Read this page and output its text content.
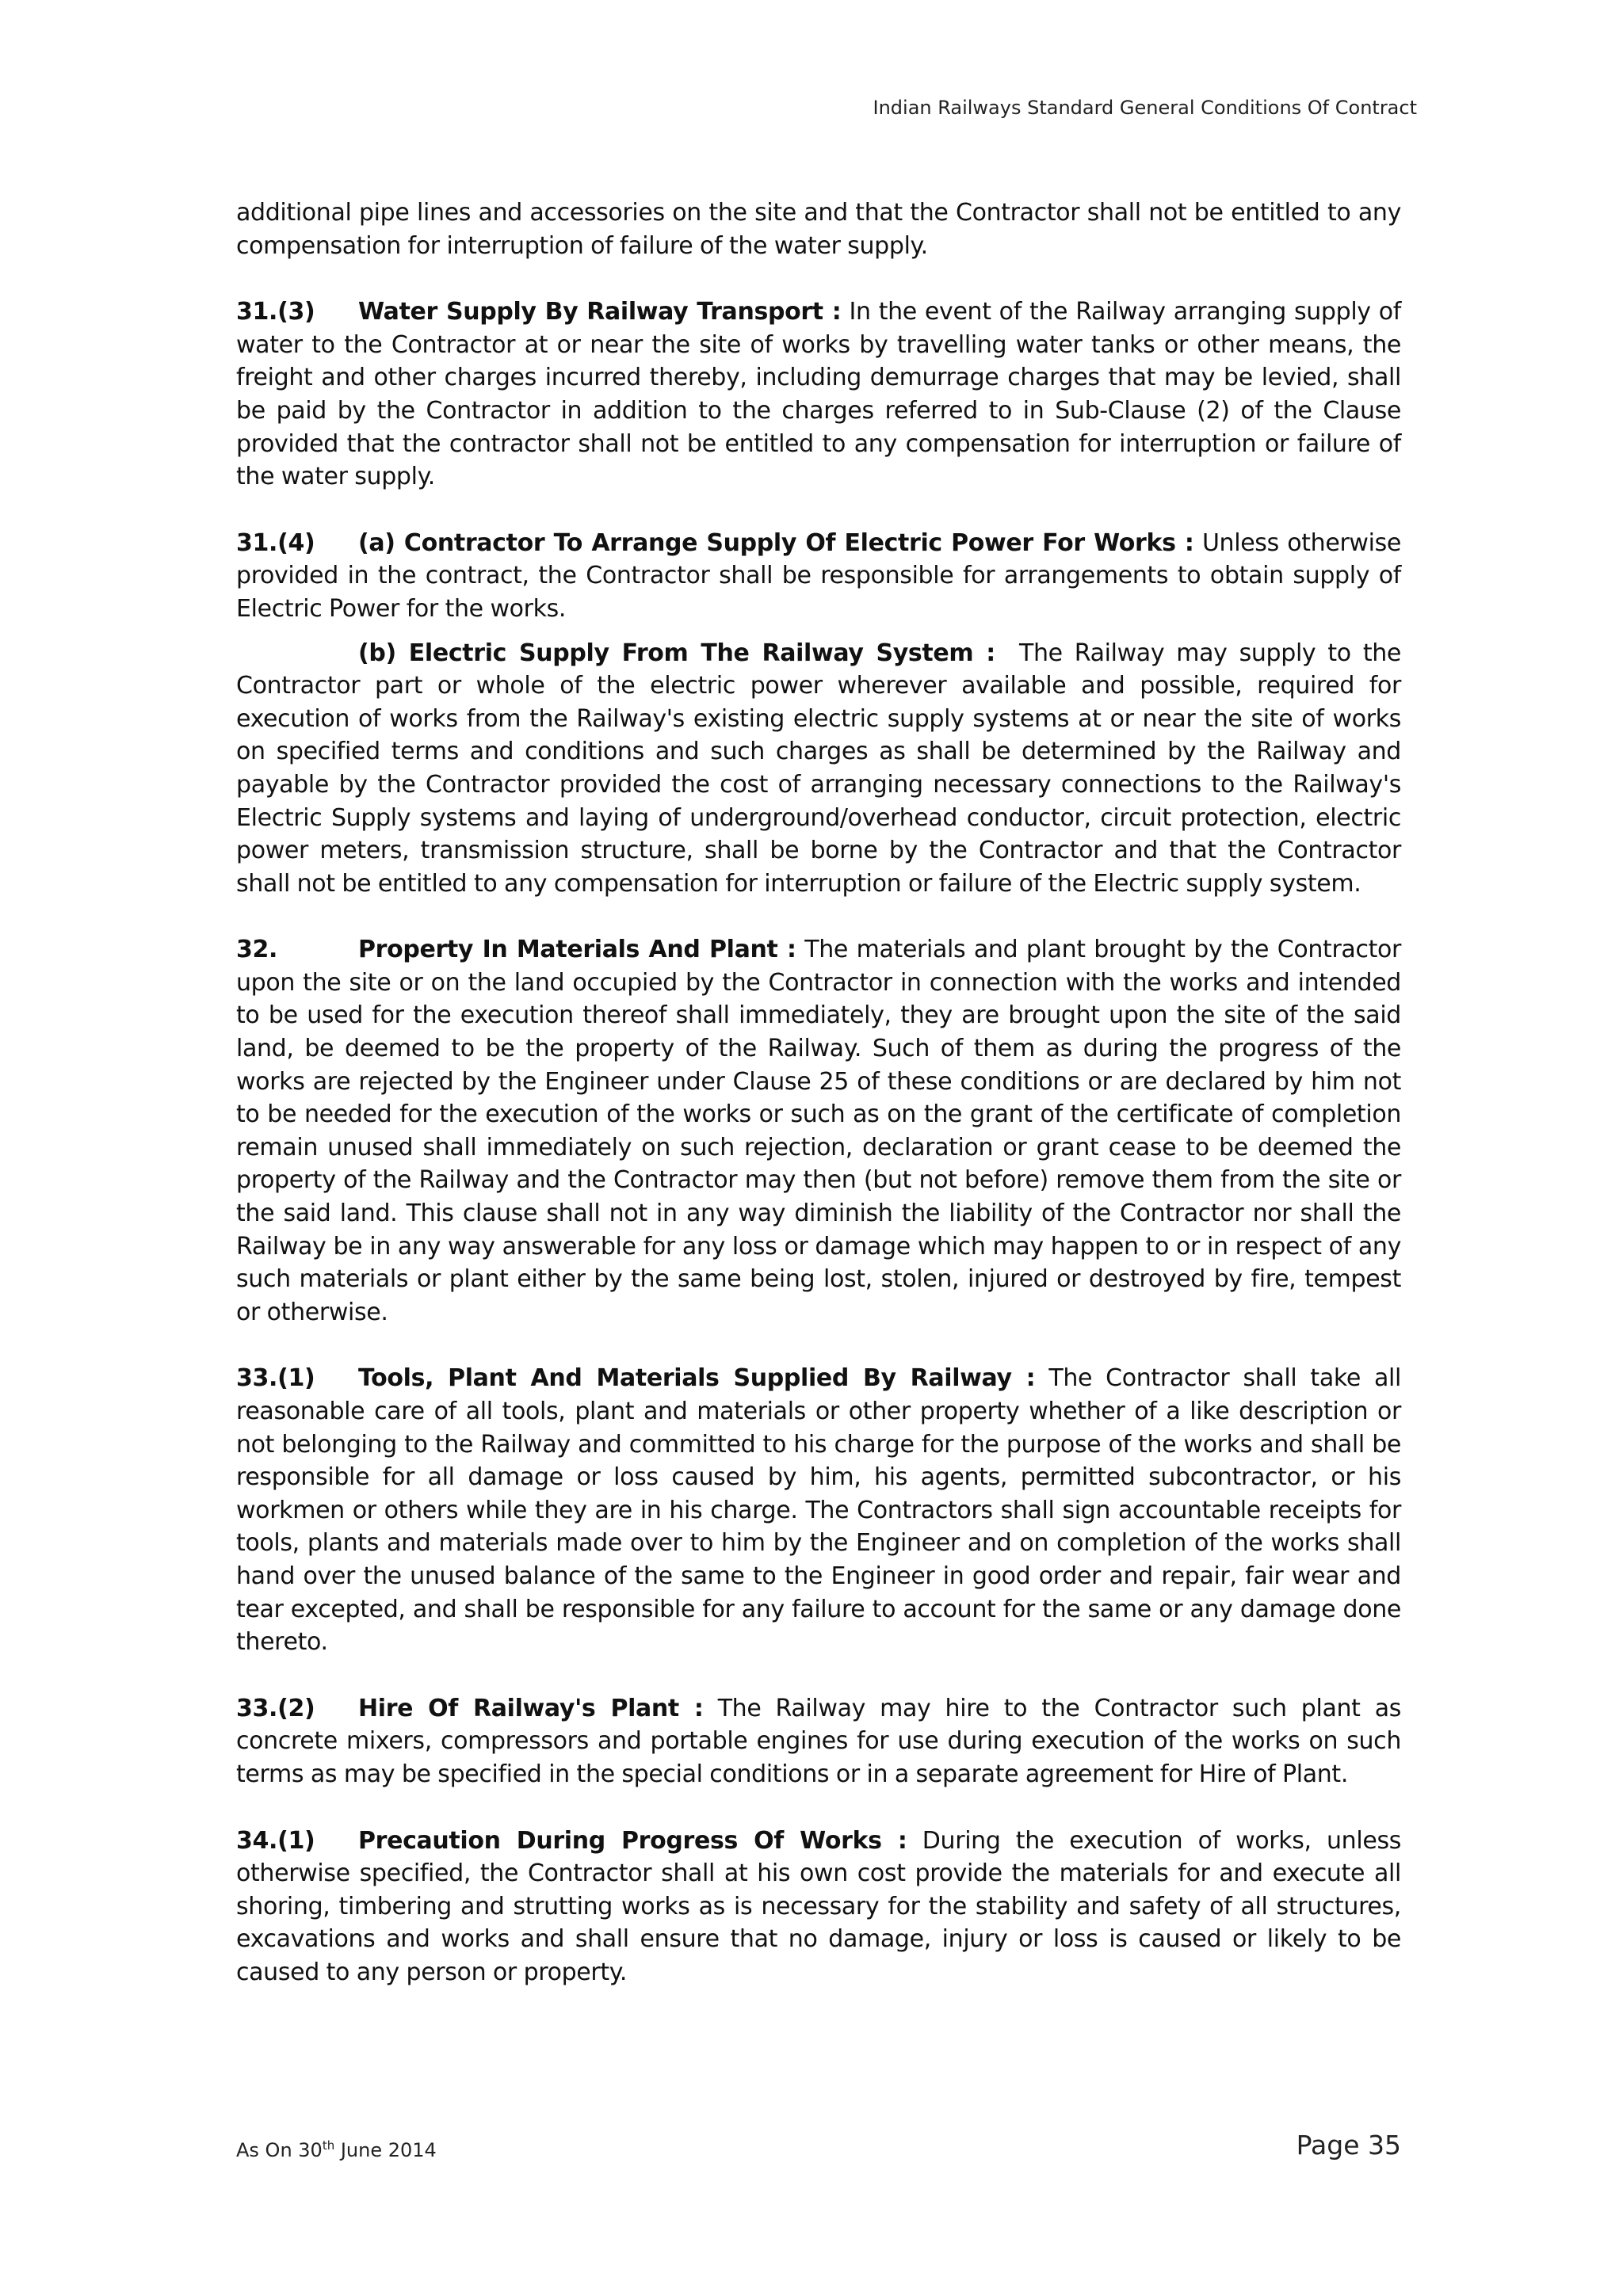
Indian Railways Standard General Conditions Of Contract

additional pipe lines and accessories on the site and that the Contractor shall not be entitled to any compensation for interruption of failure of the water supply.

31.(3) Water Supply By Railway Transport : In the event of the Railway arranging supply of water to the Contractor at or near the site of works by travelling water tanks or other means, the freight and other charges incurred thereby, including demurrage charges that may be levied, shall be paid by the Contractor in addition to the charges referred to in Sub-Clause (2) of the Clause provided that the contractor shall not be entitled to any compensation for interruption or failure of the water supply.

31.(4) (a) Contractor To Arrange Supply Of Electric Power For Works : Unless otherwise provided in the contract, the Contractor shall be responsible for arrangements to obtain supply of Electric Power for the works.

(b) Electric Supply From The Railway System : The Railway may supply to the Contractor part or whole of the electric power wherever available and possible, required for execution of works from the Railway's existing electric supply systems at or near the site of works on specified terms and conditions and such charges as shall be determined by the Railway and payable by the Contractor provided the cost of arranging necessary connections to the Railway's Electric Supply systems and laying of underground/overhead conductor, circuit protection, electric power meters, transmission structure, shall be borne by the Contractor and that the Contractor shall not be entitled to any compensation for interruption or failure of the Electric supply system.

32.	Property In Materials And Plant : The materials and plant brought by the Contractor upon the site or on the land occupied by the Contractor in connection with the works and intended to be used for the execution thereof shall immediately, they are brought upon the site of the said land, be deemed to be the property of the Railway. Such of them as during the progress of the works are rejected by the Engineer under Clause 25 of these conditions or are declared by him not to be needed for the execution of the works or such as on the grant of the certificate of completion remain unused shall immediately on such rejection, declaration or grant cease to be deemed the property of the Railway and the Contractor may then (but not before) remove them from the site or the said land. This clause shall not in any way diminish the liability of the Contractor nor shall the Railway be in any way answerable for any loss or damage which may happen to or in respect of any such materials or plant either by the same being lost, stolen, injured or destroyed by fire, tempest or otherwise.

33.(1) Tools, Plant And Materials Supplied By Railway : The Contractor shall take all reasonable care of all tools, plant and materials or other property whether of a like description or not belonging to the Railway and committed to his charge for the purpose of the works and shall be responsible for all damage or loss caused by him, his agents, permitted subcontractor, or his workmen or others while they are in his charge. The Contractors shall sign accountable receipts for tools, plants and materials made over to him by the Engineer and on completion of the works shall hand over the unused balance of the same to the Engineer in good order and repair, fair wear and tear excepted, and shall be responsible for any failure to account for the same or any damage done thereto.

33.(2) Hire Of Railway's Plant : The Railway may hire to the Contractor such plant as concrete mixers, compressors and portable engines for use during execution of the works on such terms as may be specified in the special conditions or in a separate agreement for Hire of Plant.

34.(1) Precaution During Progress Of Works : During the execution of works, unless otherwise specified, the Contractor shall at his own cost provide the materials for and execute all shoring, timbering and strutting works as is necessary for the stability and safety of all structures, excavations and works and shall ensure that no damage, injury or loss is caused or likely to be caused to any person or property.

As On 30th June 2014	Page 35
